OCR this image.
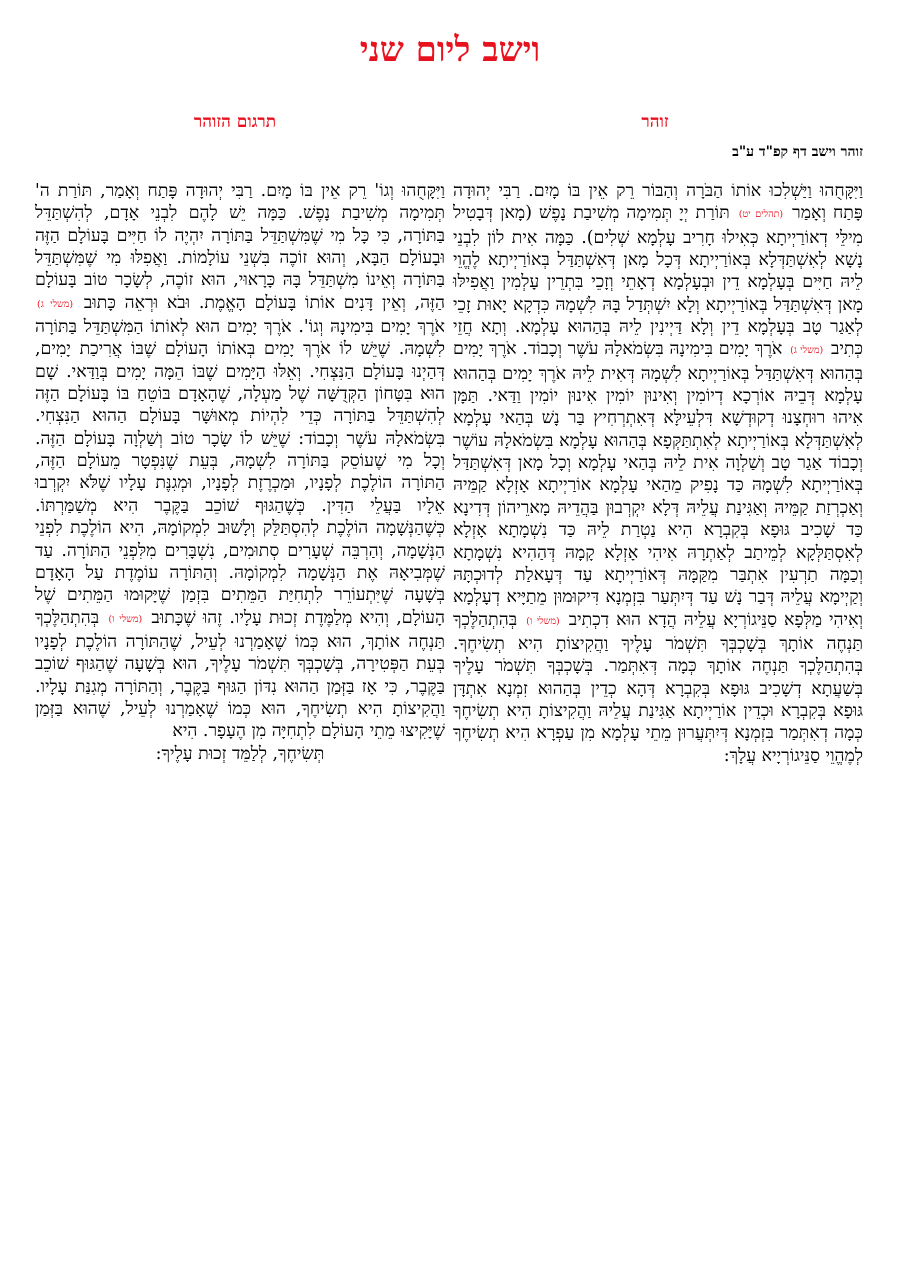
וישב ליום שני
זוהר
תרגום הזוהר
זוהר וישב דף קפ"ד ע"ב

וַיִּקָּחֻהוּ וַיַּשְׁלִכוּ אוֹתוֹ הַבֹּרָה וְהַבּוֹר רֵק אֵין בּוֹ מָיִם. רַבִּי יְהוּדָה פָּתַח וְאָמַר (תהלים יט) תּוֹרַת יְיָ תְּמִימָה מְשִׁיבַת נָפֶשׁ (מָאן דְּבָטִיל מִילֵּי דְאוֹרַיְיתָא כְּאִילוּ חָרִיב עָלְמָא שְׁלִים). כַּמָּה אִית לוֹן לִבְנֵי נָשָׁא לְאִשְׁתַּדְּלָא בְּאוֹרַיְיתָא דְּכָל מָאן דְּאִשְׁתַּדַּל בְּאוֹרַיְיתָא לֶהֱוֵי לֵיהּ חַיִּים בְּעָלְמָא דֵין וּבְעָלְמָא דְאָתֵי וְזָכֵי בִּתְרֵין עָלְמִין וַאֲפִילּוּ מָאן דְּאִשְׁתַּדַּל בְּאוֹרַיְיתָא וְלָא יִשְׁתְּדַל בָּהּ לִשְׁמָהּ כִּדְקָא יָאוּת זָכֵי לְאַגַר טָב בְּעָלְמָא דֵין וְלָא דַּיְינִין לֵיהּ בְּהַהוּא עָלְמָא. וְתָא חֲזֵי כְּתִיב (משלי ג) אֹרֶךְ יָמִים בִּימִינָהּ בִּשְׂמֹאלָהּ עֹשֶׁר וְכָבוֹד. אֹרֶךְ יָמִים בְּהַהוּא דְּאִשְׁתַּדַּל בְּאוֹרַיְיתָא לִשְׁמָהּ דְּאִית לֵיהּ אֹרֶךְ יָמִים בְּהַהוּא עָלְמָא דְּבֵיהּ אוֹרְכָא דְיוֹמִין וְאִינוּן יוֹמִין אִינוּן יוֹמִין וַדַּאי. תַּמָּן אִיהוּ רוּחְצָנוּ דְקוּדְשָׁא דִּלְעֵילָּא דְּאִתְרְחִיץ בַּר נָשׁ בְּהַאי עָלְמָא לְאִשְׁתַּדְּלָא בְּאוֹרַיְיתָא לְאִתְתַּקְּפָא בְּהַהוּא עָלְמָא בִּשְׂמֹאלָהּ עוֹשֶׁר וְכָבוֹד אַגַר טָב וְשַׁלְוָה אִית לֵיהּ בְּהַאי עָלְמָא וְכָל מָאן דְּאִשְׁתַּדַּל בְּאוֹרַיְיתָא לִשְׁמָהּ כַּד נָפִיק מֵהַאי עָלְמָא אוֹרַיְיתָא אָזְלָא קַמֵּיהּ וְאַכְרְזַת קַמֵּיהּ וְאַגִּינַת עֲלֵיהּ דְּלָא יִקְרְבוּן בַּהֲדֵיהּ מָארֵיהוֹן דְּדִינָא כַּד שָׁכִיב גּוּפָא בְּקִבְרָא הִיא נַטְרַת לֵיהּ כַּד נִשְׁמָתָא אָזְלָא לְאִסְתַּלְּקָא לְמֵיתַב לְאַתְרָהּ אִיהִי אָזְלָא קָמָהּ דְּהַהִיא נִשְׁמָתָא וְכַמָּה תַרְעִין אִתְבַּר מִקַּמָּהּ דְּאוֹרַיְיתָא עַד דְּעָאלַת לְדוּכְתָּהּ וְקַיְימָא עֲלֵיהּ דְּבַר נָשׁ עַד דְּיִתְּעַר בִּזְמְנָא דִּיקוּמוּן מֵתַיָּיא דְעָלְמָא וְאִיהִי מַלְּפָא סַנֵּיגוֹרְיָא עֲלֵיהּ הֲדָא הוּא דִכְתִיב (משלי ו) בְּהִתְהַלֶּכְךָ תַּנְחֶה אוֹתָךְ בְּשָׁכְבְּךָ תִּשְׁמֹר עָלֶיךָ וַהֲקִיצוֹתָ הִיא תְשִׂיחֶךָ. בְּהִתְהַלֶּכְךָ תַּנְחֶה אוֹתָךְ כְּמָה דְּאִתְּמַר. בְּשָׁכְבְּךָ תִּשְׁמֹר עָלֶיךָ בְּשַׁעֲתָא דְשָׁכִיב גּוּפָא בְּקִבְרָא דְּהָא כְדֵין בְּהַהוּא זִמְנָא אִתְדָּן גּוּפָא בְּקִבְרָא וּכְדֵין אוֹרַיְיתָא אַגִּינַת עֲלֵיהּ וַהֲקִיצוֹתָ הִיא תְשִׂיחֶךָ כְּמָה דְאִתְּמַר בִּזְמְנָא דְּיִתְּעֲרוּן מֵתֵי עָלְמָא מִן עַפְרָא הִיא תְשִׂיחֶךָ לְמֶהֱוֵי סַנֵּיגוֹרְיָיא עֲלָךְ:

וַיִּקָּחֻהוּ וְגוֹ' רֵק אֵין בּוֹ מָיִם. רַבִּי יְהוּדָה פָּתַח וְאָמַר, תּוֹרַת ה' תְּמִימָה מְשִׁיבַת נָפֶשׁ. כַּמָּה יֵשׁ לָהֶם לִבְנֵי אָדָם, לְהִשְׁתַּדֵּל בַּתּוֹרָה, כִּי כָּל מִי שֶׁמִּשְׁתַּדֵּל בַּתּוֹרָה יִהְיֶה לוֹ חַיִּים בָּעוֹלָם הַזֶּה וּבָעוֹלָם הַבָּא, וְהוּא זוֹכֶה בִּשְׁנֵי עוֹלָמוֹת. וַאֲפִלּוּ מִי שֶׁמִּשְׁתַּדֵּל בַּתּוֹרָה וְאֵינוֹ מִשְׁתַּדֵּל בָּהּ כָּרָאוּי, הוּא זוֹכֶה, לְשָׂכָר טוֹב בָּעוֹלָם הַזֶּה, וְאֵין דָּנִים אוֹתוֹ בָּעוֹלָם הָאֱמֶת. וּבֹא וּרְאֵה כָּתוּב (משלי ג) אֹרֶךְ יָמִים בִּימִינָהּ וְגוֹ'. אֹרֶךְ יָמִים הוּא לְאוֹתוֹ הַמִּשְׁתַּדֵּל בַּתּוֹרָה לִשְׁמָהּ. שֶׁיֵּשׁ לוֹ אֹרֶךְ יָמִים בְּאוֹתוֹ הָעוֹלָם שֶׁבּוֹ אֲרִיכַת יָמִים, דְּהַיְנוּ בָּעוֹלָם הַנִּצְחִי. וְאֵלּוּ הַיָּמִים שֶׁבּוֹ הֵמָּה יָמִים בְּוַדַּאי. שָׁם הוּא בִּטָּחוֹן הַקְּדֻשָּׁה שֶׁל מַעְלָה, שֶׁהָאָדָם בּוֹטֵחַ בּוֹ בָּעוֹלָם הַזֶּה לְהִשְׁתַּדֵּל בַּתּוֹרָה כְּדֵי לִהְיוֹת מְאוּשָּׁר בָּעוֹלָם הַהוּא הַנִּצְחִי. בִּשְׂמֹאלָהּ עֹשֶׁר וְכָבוֹד: שֶׁיֵּשׁ לוֹ שָׂכָר טוֹב וְשַׁלְוָה בָּעוֹלָם הַזֶּה. וְכָל מִי שֶׁעוֹסֵק בַּתּוֹרָה לִשְׁמָהּ, בְּעֵת שֶׁנִּפְטָר מֵעוֹלָם הַזֶּה, הַתּוֹרָה הוֹלֶכֶת לְפָנָיו, וּמַכְרֶזֶת לְפָנָיו, וּמְגִנֶּת עָלָיו שֶׁלֹּא יִקְרְבוּ אֵלָיו בַּעֲלֵי הַדִּין. כְּשֶׁהַגּוּף שׁוֹכֵב בַּקֶּבֶר הִיא מְשַׁמַּרְתּוֹ. כְּשֶׁהַנְּשָׁמָה הוֹלֶכֶת לְהִסְתַּלֵּק וְלָשׁוּב לִמְקוֹמָהּ, הִיא הוֹלֶכֶת לִפְנֵי הַנְּשָׁמָה, וְהַרְבֵּה שְׁעָרִים סְתוּמִים, נִשְׁבָּרִים מִלִּפְנֵי הַתּוֹרָה. עַד שֶׁמְּבִיאָהּ אֶת הַנְּשָׁמָה לִמְקוֹמָהּ. וְהַתּוֹרָה עוֹמֶדֶת עַל הָאָדָם בְּשָׁעָה שֶׁיִּתְעוֹרֵר לִתְחִיַּת הַמֵּתִים בִּזְמַן שֶׁיָּקוּמוּ הַמֵּתִים שֶׁל הָעוֹלָם, וְהִיא מְלַמֶּדֶת זְכוּת עָלָיו. זֶהוּ שֶׁכָּתוּב (משלי ו) בְּהִתְהַלֶּכְךָ תַּנְחֶה אוֹתָךְ, הוּא כְּמוֹ שֶׁאָמַרְנוּ לְעֵיל, שֶׁהַתּוֹרָה הוֹלֶכֶת לְפָנָיו בְּעֵת הַפְּטִירָה, בְּשָׁכְבְּךָ תִּשְׁמֹר עָלֶיךָ, הוּא בְּשָׁעָה שֶׁהַגּוּף שׁוֹכֵב בַּקֶּבֶר, כִּי אָז בַּזְּמַן הַהוּא נִדּוֹן הַגּוּף בַּקֶּבֶר, וְהַתּוֹרָה מְגִנַּת עָלָיו. וַהֲקִיצוֹתָ הִיא תְשִׂיחֶךָ, הוּא כְּמוֹ שֶׁאָמַרְנוּ לְעֵיל, שֶׁהוּא בַּזְּמַן שֶׁיָּקִיצוּ מֵתֵי הָעוֹלָם לִתְחִיָּה מִן הֶעָפָר. הִיא
תְּשִׂיחֶךָ, לְלַמֵּד זְכוּת עָלֶיךָ:
